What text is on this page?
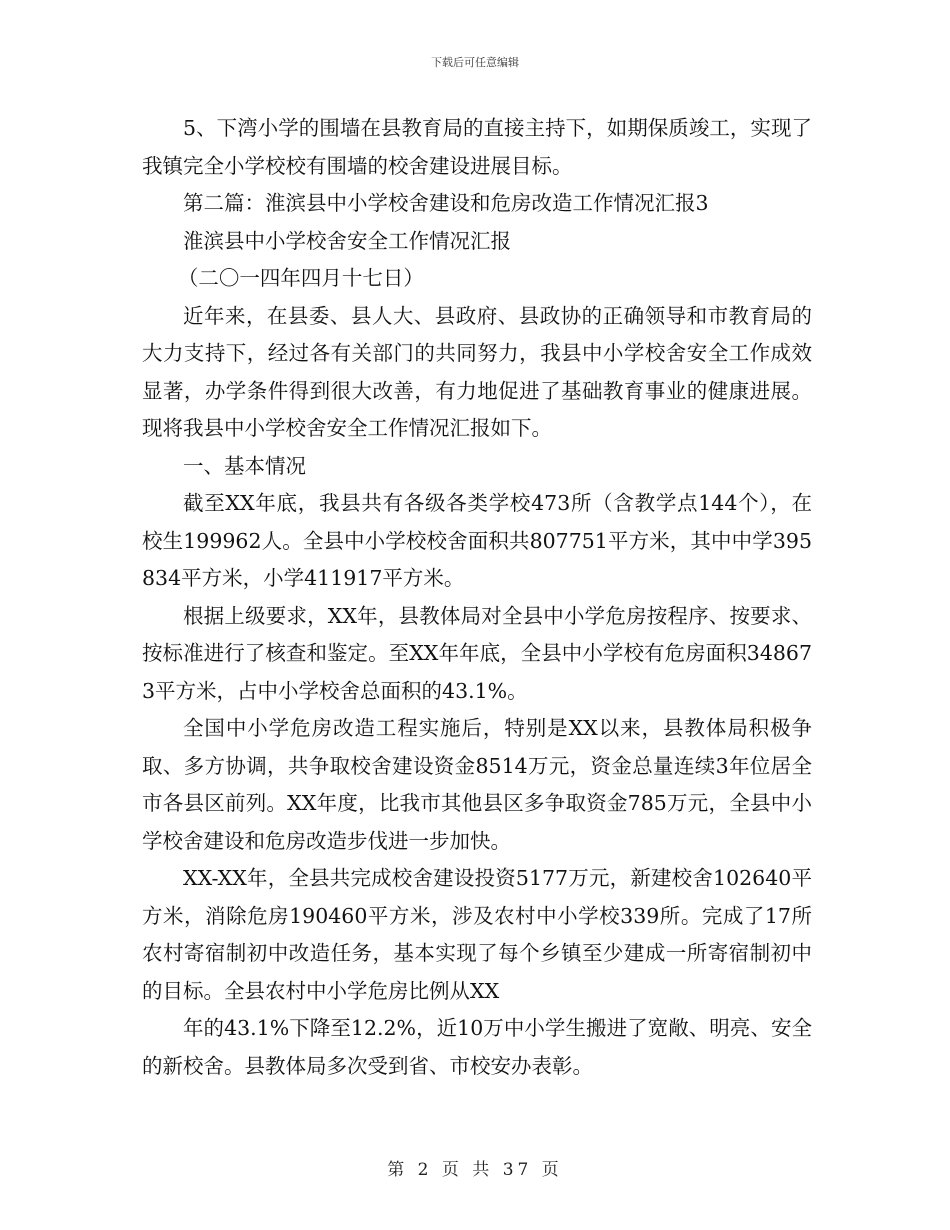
下载后可任意编辑

5、下湾小学的围墙在县教育局的直接主持下，如期保质竣工，实现了我镇完全小学校校有围墙的校舍建设进展目标。

第二篇：淮滨县中小学校舍建设和危房改造工作情况汇报3

淮滨县中小学校舍安全工作情况汇报

（二〇一四年四月十七日）

近年来，在县委、县人大、县政府、县政协的正确领导和市教育局的大力支持下，经过各有关部门的共同努力，我县中小学校舍安全工作成效显著，办学条件得到很大改善，有力地促进了基础教育事业的健康进展。现将我县中小学校舍安全工作情况汇报如下。

一、基本情况

截至XX年底，我县共有各级各类学校473所（含教学点144个），在校生199962人。全县中小学校校舍面积共807751平方米，其中中学395834平方米，小学411917平方米。

根据上级要求，XX年，县教体局对全县中小学危房按程序、按要求、按标准进行了核查和鉴定。至XX年年底，全县中小学校有危房面积348673平方米，占中小学校舍总面积的43.1%。

全国中小学危房改造工程实施后，特别是XX以来，县教体局积极争取、多方协调，共争取校舍建设资金8514万元，资金总量连续3年位居全市各县区前列。XX年度，比我市其他县区多争取资金785万元，全县中小学校舍建设和危房改造步伐进一步加快。

XX-XX年，全县共完成校舍建设投资5177万元，新建校舍102640平方米，消除危房190460平方米，涉及农村中小学校339所。完成了17所农村寄宿制初中改造任务，基本实现了每个乡镇至少建成一所寄宿制初中的目标。全县农村中小学危房比例从XX

年的43.1%下降至12.2%，近10万中小学生搬进了宽敞、明亮、安全的新校舍。县教体局多次受到省、市校安办表彰。

第 2 页 共 37 页
